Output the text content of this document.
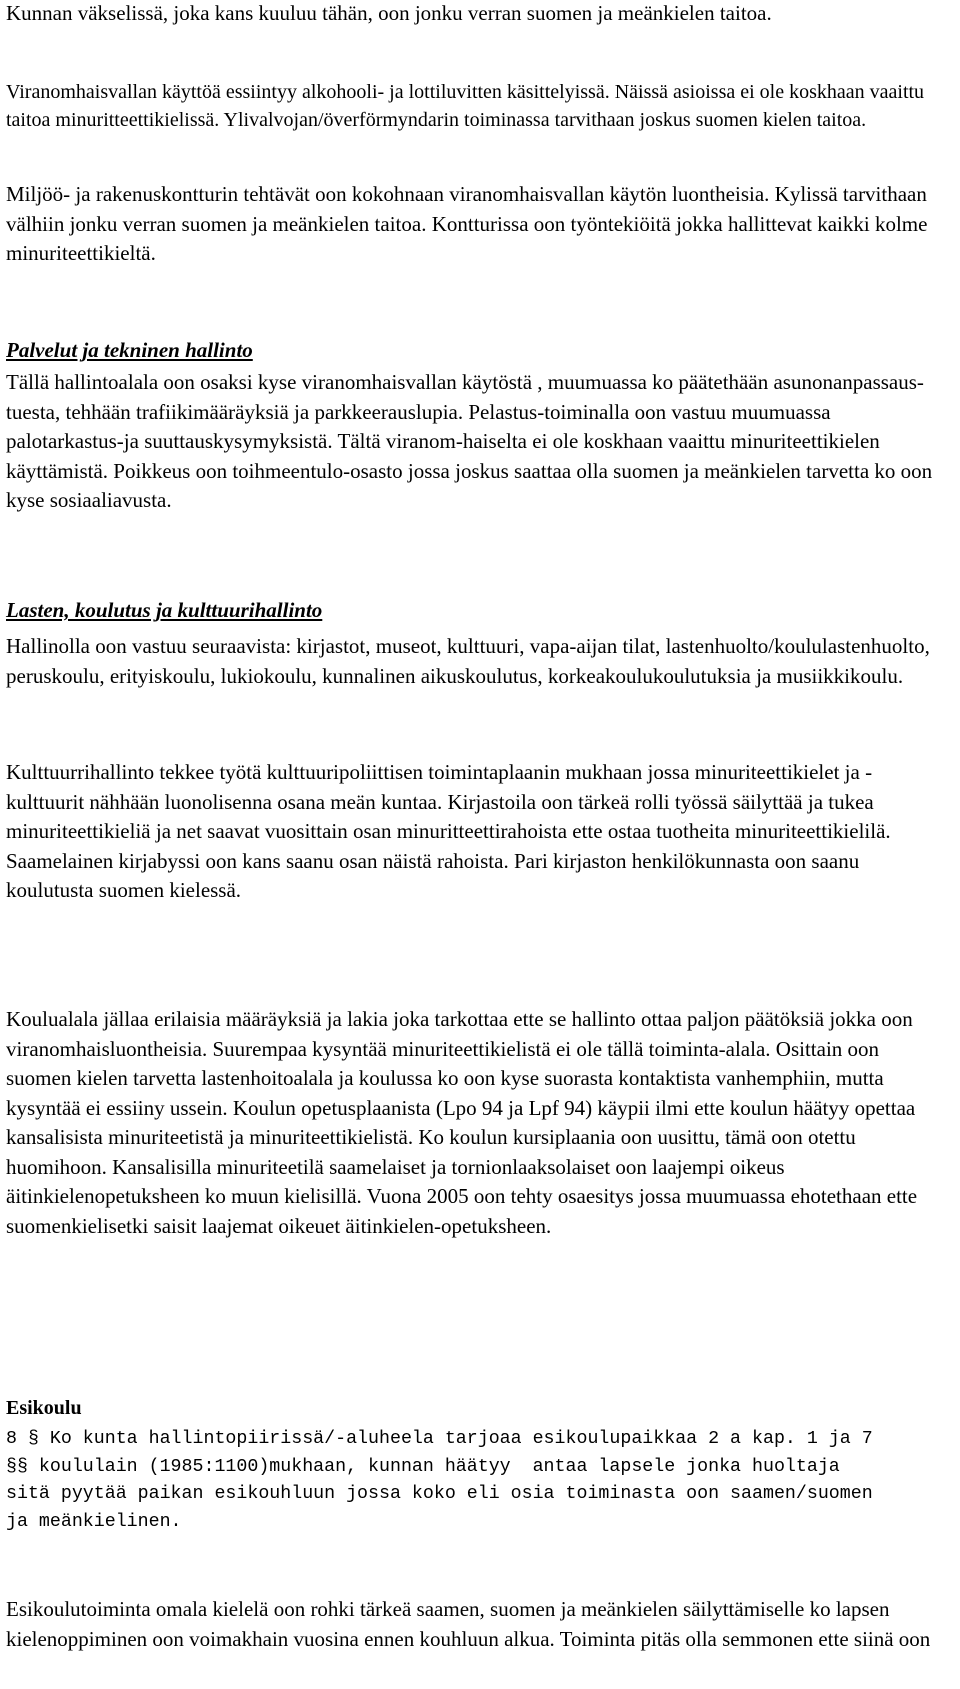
Kunnan väkselissä, joka kans kuuluu tähän, oon jonku verran suomen ja meänkielen taitoa.

Viranomhaisvallan käyttöä essiintyy alkohooli- ja lottiluvitten käsittelyissä. Näissä asioissa ei ole koskhaan vaaittu taitoa minuritteettikielissä. Ylivalvojan/överförmyndarin toiminassa tarvithaan joskus suomen kielen taitoa.

Miljöö- ja rakenuskontturin tehtävät oon kokohnaan viranomhaisvallan käytön luontheisia. Kylissä tarvithaan välhiin jonku verran suomen ja meänkielen taitoa. Kontturissa oon työntekiöitä jokka hallittevat kaikki kolme minuriteettikieltä.

Palvelut ja tekninen hallinto

Tällä hallintoalala oon osaksi kyse viranomhaisvallan käytöstä , muumuassa ko päätethään asunonanpassaus-tuesta, tehhään trafiikimääräyksiä ja parkkeerauslupia. Pelastus-toiminalla oon vastuu muumuassa palotarkastus-ja suuttauskysymyksistä. Tältä viranom-haiselta ei ole koskhaan vaaittu minuriteettikielen käyttämistä. Poikkeus oon toihmeentulo-osasto jossa joskus saattaa olla suomen ja meänkielen tarvetta ko oon kyse sosiaaliavusta.

Lasten, koulutus ja kulttuurihallinto

Hallinolla oon vastuu seuraavista: kirjastot, museot, kulttuuri, vapa-aijan tilat, lastenhuolto/koululastenhuolto, peruskoulu, erityiskoulu, lukiokoulu, kunnalinen aikuskoulutus, korkeakoulukoulutuksia ja musiikkikoulu.

Kulttuurrihallinto tekkee työtä kulttuuripoliittisen toimintaplaanin mukhaan jossa minuriteettikielet ja -kulttuurit nähhään luonolisenna osana meän kuntaa. Kirjastoila oon tärkeä rolli työssä säilyttää ja tukea minuriteettikieliä ja net saavat vuosittain osan minuritteettirahoista ette ostaa tuotheita minuriteettikielilä. Saamelainen kirjabyssi oon kans saanu osan näistä rahoista. Pari kirjaston henkilökunnasta oon saanu koulutusta suomen kielessä.

Koulualala jällaa erilaisia määräyksiä ja lakia joka tarkottaa ette se hallinto ottaa paljon päätöksiä jokka oon viranomhaisluontheisia. Suurempaa kysyntää minuriteettikielistä ei ole tällä toiminta-alala. Osittain oon suomen kielen tarvetta lastenhoitoalala ja koulussa ko oon kyse suorasta kontaktista vanhemphiin, mutta kysyntää ei essiiny ussein. Koulun opetusplaanista (Lpo 94 ja Lpf 94) käypii ilmi ette koulun häätyy opettaa kansalisista minuriteetistä ja minuriteettikielistä. Ko koulun kursiplaania oon uusittu, tämä oon otettu huomihoon. Kansalisilla minuriteetilä saamelaiset ja tornionlaaksolaiset oon laajempi oikeus äitinkielenopetuksheen ko muun kielisillä. Vuona 2005 oon tehty osaesitys jossa muumuassa ehotethaan ette suomenkielisetki saisit laajemat oikeuet äitinkielen-opetuksheen.

Esikoulu

8 § Ko kunta hallintopiirissä/-aluheela tarjoaa esikoulupaikkaa 2 a kap. 1 ja 7 §§ koululain (1985:1100)mukhaan, kunnan häätyy  antaa lapsele jonka huoltaja sitä pyytää paikan esikouhluun jossa koko eli osia toiminasta oon saamen/suomen ja meänkielinen.

Esikoulutoiminta omala kielelä oon rohki tärkeä saamen, suomen ja meänkielen säilyttämiselle ko lapsen kielenoppiminen oon voimakhain vuosina ennen kouhluun alkua. Toiminta pitäs olla semmonen ette siinä oon
